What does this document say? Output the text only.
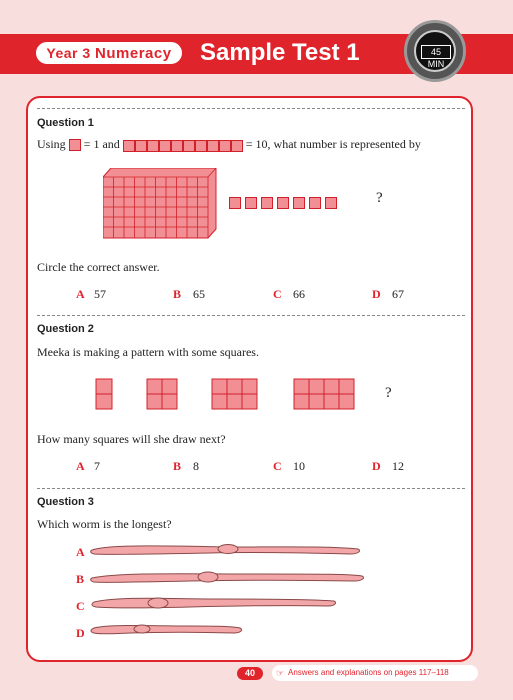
Year 3 Numeracy	Sample Test 1	45 MIN
Question 1
Using = 1 and	= 10, what number is represented by

?
Circle the correct answer.
A 57	B 65	C 66	D 67
Question 2
Meeka is making a pattern with some squares.
?
How many squares will she draw next?
A 7	B 8	C 10	D 12
Question 3
Which worm is the longest?
A
B
C
D
40	☞ Answers and explanations on pages 117–118
